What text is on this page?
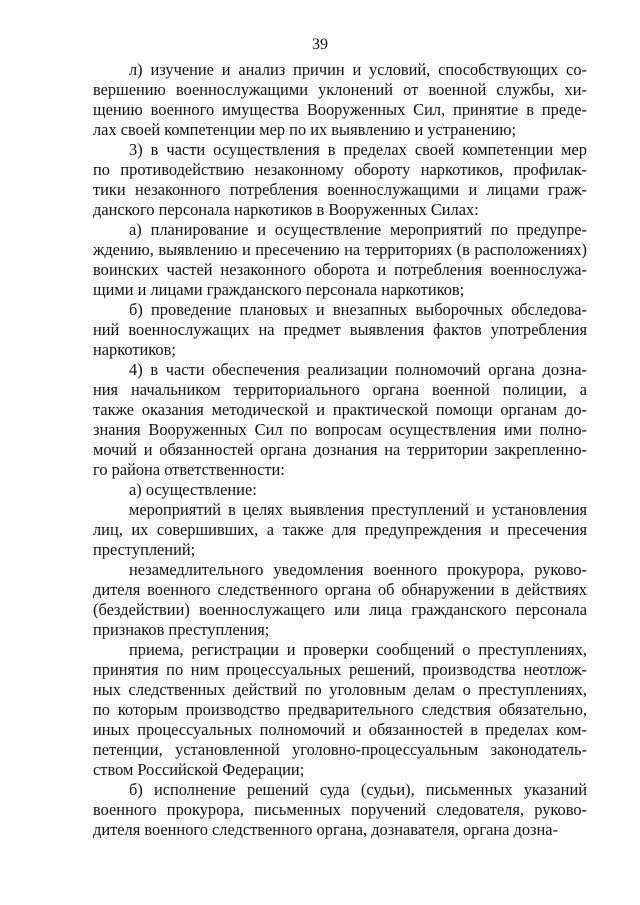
39
л) изучение и анализ причин и условий, способствующих со-
вершению военнослужащими уклонений от военной службы, хи-
щению военного имущества Вооруженных Сил, принятие в преде-
лах своей компетенции мер по их выявлению и устранению;
3) в части осуществления в пределах своей компетенции мер
по противодействию незаконному обороту наркотиков, профилак-
тики незаконного потребления военнослужащими и лицами граж-
данского персонала наркотиков в Вооруженных Силах:
а) планирование и осуществление мероприятий по предупре-
ждению, выявлению и пресечению на территориях (в расположениях)
воинских частей незаконного оборота и потребления военнослужа-
щими и лицами гражданского персонала наркотиков;
б) проведение плановых и внезапных выборочных обследова-
ний военнослужащих на предмет выявления фактов употребления
наркотиков;
4) в части обеспечения реализации полномочий органа дозна-
ния начальником территориального органа военной полиции, а
также оказания методической и практической помощи органам до-
знания Вооруженных Сил по вопросам осуществления ими полно-
мочий и обязанностей органа дознания на территории закрепленно-
го района ответственности:
а) осуществление:
мероприятий в целях выявления преступлений и установления
лиц, их совершивших, а также для предупреждения и пресечения
преступлений;
незамедлительного уведомления военного прокурора, руково-
дителя военного следственного органа об обнаружении в действиях
(бездействии) военнослужащего или лица гражданского персонала
признаков преступления;
приема, регистрации и проверки сообщений о преступлениях,
принятия по ним процессуальных решений, производства неотлож-
ных следственных действий по уголовным делам о преступлениях,
по которым производство предварительного следствия обязательно,
иных процессуальных полномочий и обязанностей в пределах ком-
петенции, установленной уголовно-процессуальным законодатель-
ством Российской Федерации;
б) исполнение решений суда (судьи), письменных указаний
военного прокурора, письменных поручений следователя, руково-
дителя военного следственного органа, дознавателя, органа дозна-
